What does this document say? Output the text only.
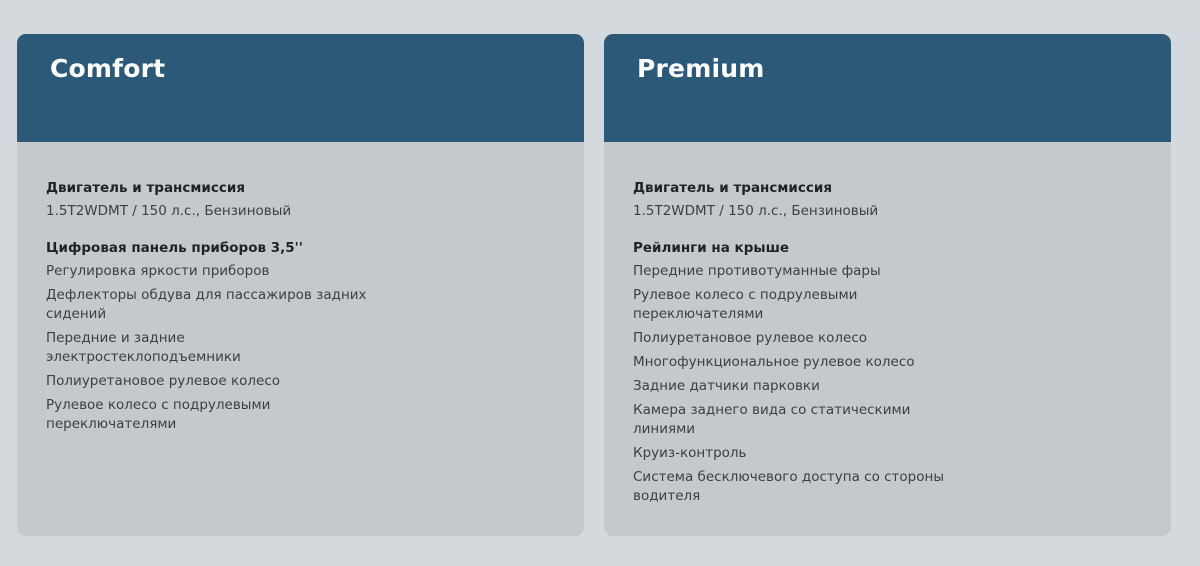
Comfort
Двигатель и трансмиссия
1.5T2WDMT / 150 л.с., Бензиновый
Цифровая панель приборов 3,5''
Регулировка яркости приборов
Дефлекторы обдува для пассажиров задних сидений
Передние и задние электростеклоподъемники
Полиуретановое рулевое колесо
Рулевое колесо с подрулевыми переключателями
Premium
Двигатель и трансмиссия
1.5T2WDMT / 150 л.с., Бензиновый
Рейлинги на крыше
Передние противотуманные фары
Рулевое колесо с подрулевыми переключателями
Полиуретановое рулевое колесо
Многофункциональное рулевое колесо
Задние датчики парковки
Камера заднего вида со статическими линиями
Круиз-контроль
Система бесключевого доступа со стороны водителя
